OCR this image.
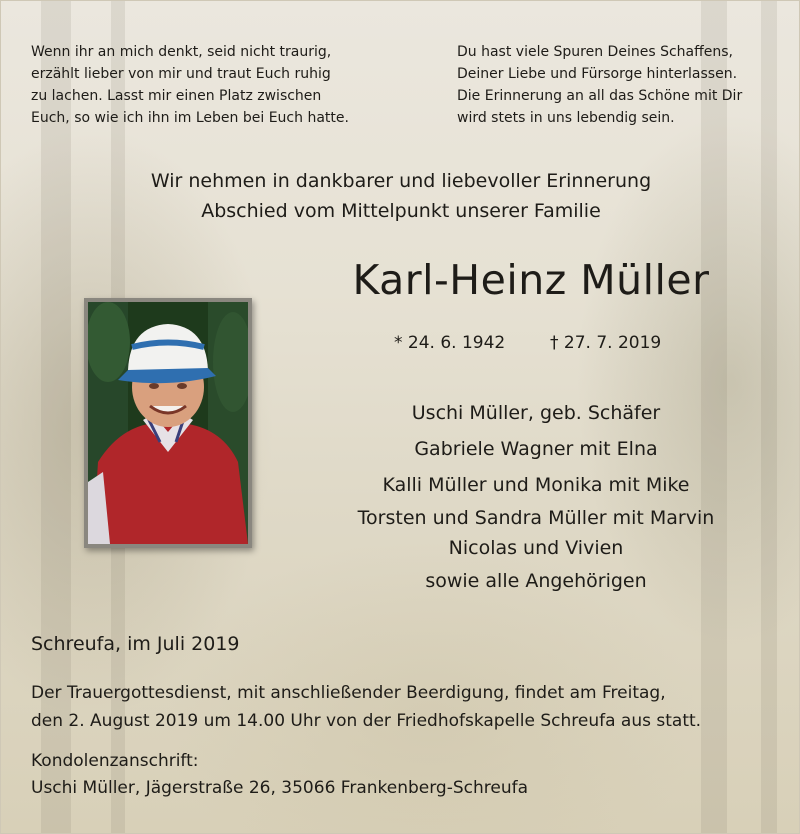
Wenn ihr an mich denkt, seid nicht traurig,
erzählt lieber von mir und traut Euch ruhig
zu lachen. Lasst mir einen Platz zwischen
Euch, so wie ich ihn im Leben bei Euch hatte.
Du hast viele Spuren Deines Schaffens,
Deiner Liebe und Fürsorge hinterlassen.
Die Erinnerung an all das Schöne mit Dir
wird stets in uns lebendig sein.
Wir nehmen in dankbarer und liebevoller Erinnerung
Abschied vom Mittelpunkt unserer Familie
Karl-Heinz Müller
* 24. 6. 1942	† 27. 7. 2019
Uschi Müller, geb. Schäfer
Gabriele Wagner mit Elna
Kalli Müller und Monika mit Mike
Torsten und Sandra Müller mit Marvin
Nicolas und Vivien
sowie alle Angehörigen
Schreufa, im Juli 2019
Der Trauergottesdienst, mit anschließender Beerdigung, findet am Freitag,
den 2. August 2019 um 14.00 Uhr von der Friedhofskapelle Schreufa aus statt.
Kondolenzanschrift:
Uschi Müller, Jägerstraße 26, 35066 Frankenberg-Schreufa
